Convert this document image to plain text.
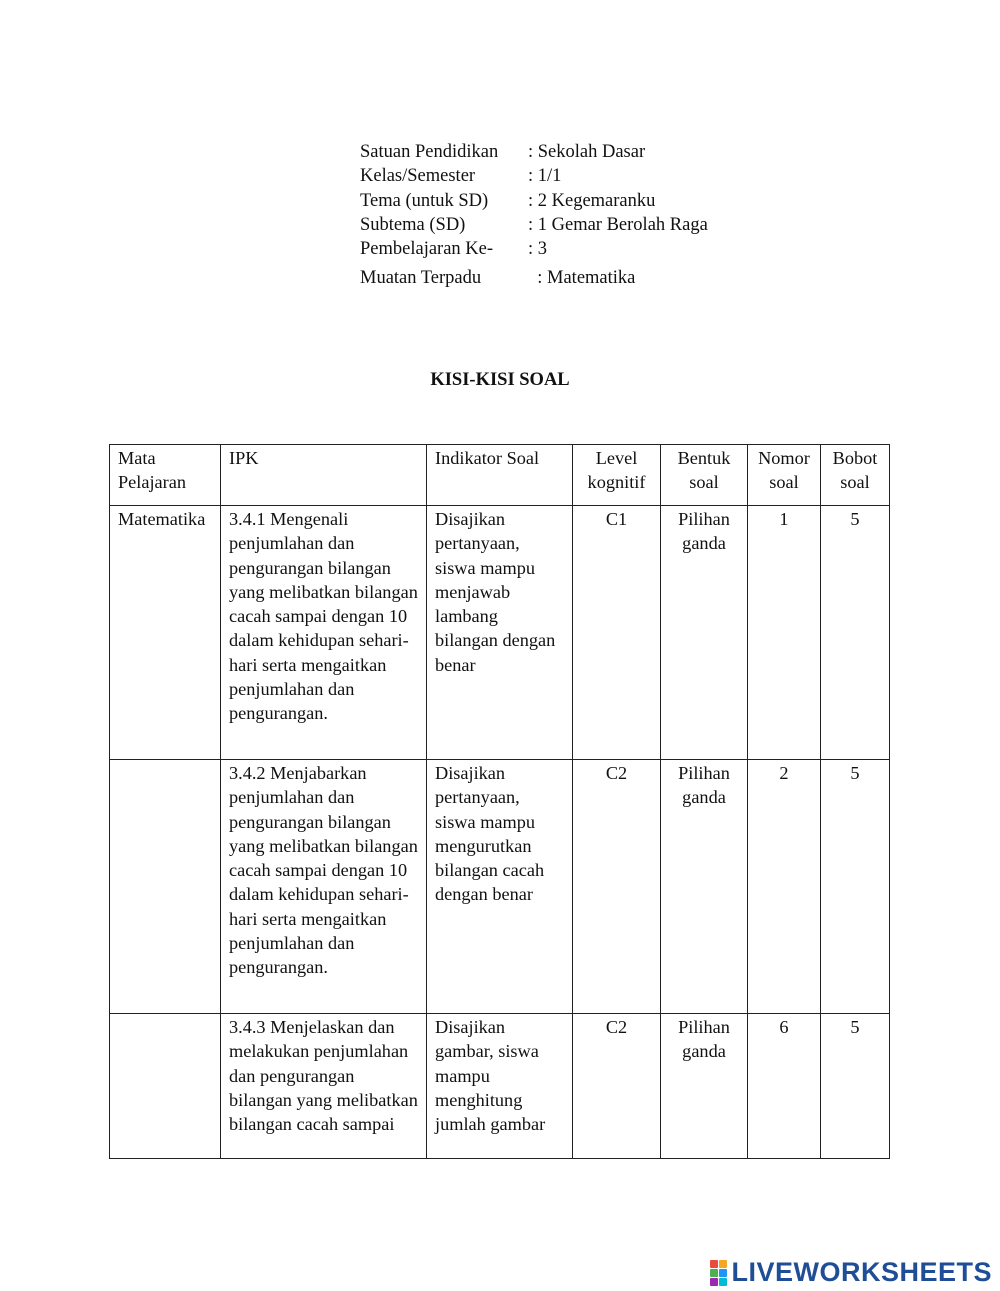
Satuan Pendidikan	: Sekolah Dasar
Kelas/Semester	: 1/1
Tema (untuk SD)	: 2 Kegemaranku
Subtema (SD)	: 1 Gemar Berolah Raga
Pembelajaran Ke-	: 3
Muatan Terpadu	: Matematika
KISI-KISI SOAL
Mata Pelajaran	IPK	Indikator Soal	Level kognitif	Bentuk soal	Nomor soal	Bobot soal
Matematika	3.4.1 Mengenali penjumlahan dan pengurangan bilangan yang melibatkan bilangan cacah sampai dengan 10 dalam kehidupan sehari-hari serta mengaitkan penjumlahan dan pengurangan.	Disajikan pertanyaan, siswa mampu menjawab lambang bilangan dengan benar	C1	Pilihan ganda	1	5
	3.4.2 Menjabarkan penjumlahan dan pengurangan bilangan yang melibatkan bilangan cacah sampai dengan 10 dalam kehidupan sehari-hari serta mengaitkan penjumlahan dan pengurangan.	Disajikan pertanyaan, siswa mampu mengurutkan bilangan cacah dengan benar	C2	Pilihan ganda	2	5
	3.4.3 Menjelaskan dan melakukan penjumlahan dan pengurangan bilangan yang melibatkan bilangan cacah sampai	Disajikan gambar, siswa mampu menghitung jumlah gambar	C2	Pilihan ganda	6	5
LIVEWORKSHEETS
